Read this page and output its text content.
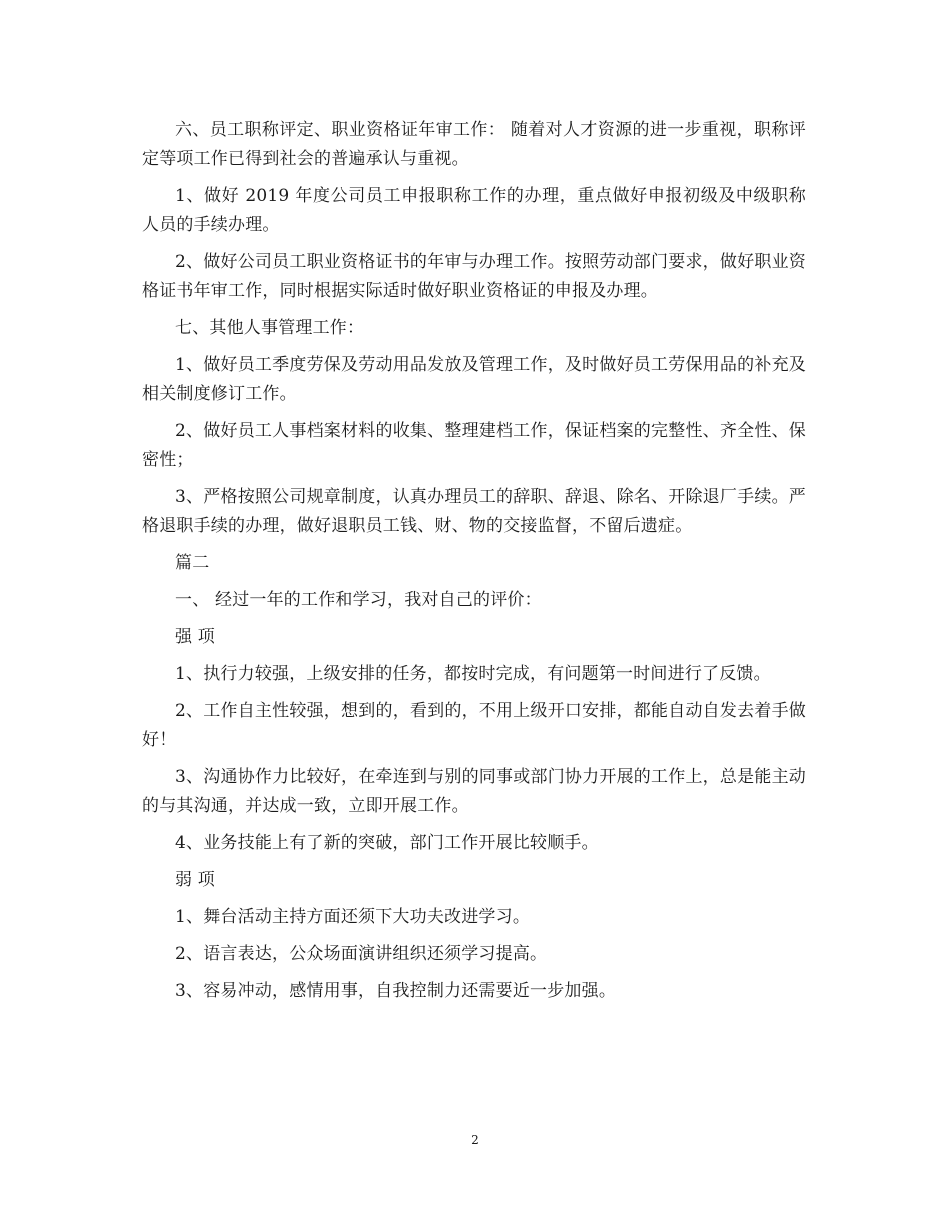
六、员工职称评定、职业资格证年审工作： 随着对人才资源的进一步重视，职称评定等项工作已得到社会的普遍承认与重视。

1、做好 2019 年度公司员工申报职称工作的办理，重点做好申报初级及中级职称人员的手续办理。

2、做好公司员工职业资格证书的年审与办理工作。按照劳动部门要求，做好职业资格证书年审工作，同时根据实际适时做好职业资格证的申报及办理。

七、其他人事管理工作：

1、做好员工季度劳保及劳动用品发放及管理工作，及时做好员工劳保用品的补充及相关制度修订工作。

2、做好员工人事档案材料的收集、整理建档工作，保证档案的完整性、齐全性、保密性；

3、严格按照公司规章制度，认真办理员工的辞职、辞退、除名、开除退厂手续。严格退职手续的办理，做好退职员工钱、财、物的交接监督，不留后遗症。

篇二

一、 经过一年的工作和学习，我对自己的评价：

强 项

1、执行力较强，上级安排的任务，都按时完成，有问题第一时间进行了反馈。

2、工作自主性较强，想到的，看到的，不用上级开口安排，都能自动自发去着手做好！

3、沟通协作力比较好，在牵连到与别的同事或部门协力开展的工作上，总是能主动的与其沟通，并达成一致，立即开展工作。

4、业务技能上有了新的突破，部门工作开展比较顺手。

弱 项

1、舞台活动主持方面还须下大功夫改进学习。

2、语言表达，公众场面演讲组织还须学习提高。

3、容易冲动，感情用事，自我控制力还需要近一步加强。

2
